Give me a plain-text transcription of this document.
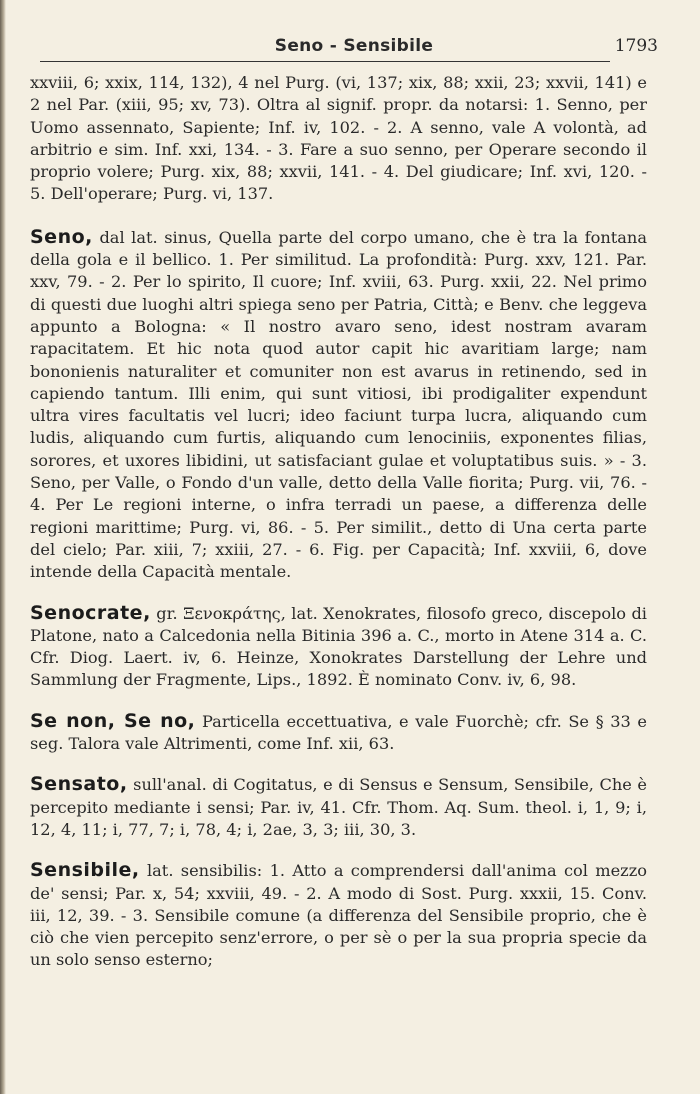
Seno - Sensibile	1793

xxviii, 6; xxix, 114, 132), 4 nel Purg. (vi, 137; xix, 88; xxii, 23; xxvii, 141) e 2 nel Par. (xiii, 95; xv, 73). Oltra al signif. propr. da notarsi: 1. Senno, per Uomo assennato, Sapiente; Inf. iv, 102. - 2. A senno, vale A volontà, ad arbitrio e sim. Inf. xxi, 134. - 3. Fare a suo senno, per Operare secondo il proprio volere; Purg. xix, 88; xxvii, 141. - 4. Del giudicare; Inf. xvi, 120. - 5. Dell'operare; Purg. vi, 137.

Seno, dal lat. sinus, Quella parte del corpo umano, che è tra la fontana della gola e il bellico. 1. Per similitud. La profondità: Purg. xxv, 121. Par. xxv, 79. - 2. Per lo spirito, Il cuore; Inf. xviii, 63. Purg. xxii, 22. Nel primo di questi due luoghi altri spiega seno per Patria, Città; e Benv. che leggeva appunto a Bologna: « Il nostro avaro seno, idest nostram avaram rapacitatem. Et hic nota quod autor capit hic avaritiam large; nam bononienis naturaliter et comuniter non est avarus in retinendo, sed in capiendo tantum. Illi enim, qui sunt vitiosi, ibi prodigaliter expendunt ultra vires facultatis vel lucri; ideo faciunt turpa lucra, aliquando cum ludis, aliquando cum furtis, aliquando cum lenociniis, exponentes filias, sorores, et uxores libidini, ut satisfaciant gulae et voluptatibus suis. » - 3. Seno, per Valle, o Fondo d'un valle, detto della Valle fiorita; Purg. vii, 76. - 4. Per Le regioni interne, o infra terradi un paese, a differenza delle regioni marittime; Purg. vi, 86. - 5. Per similit., detto di Una certa parte del cielo; Par. xiii, 7; xxiii, 27. - 6. Fig. per Capacità; Inf. xxviii, 6, dove intende della Capacità mentale.

Senocrate, gr. Ξενοκράτης, lat. Xenokrates, filosofo greco, discepolo di Platone, nato a Calcedonia nella Bitinia 396 a. C., morto in Atene 314 a. C. Cfr. Diog. Laert. iv, 6. Heinze, Xonokrates Darstellung der Lehre und Sammlung der Fragmente, Lips., 1892. È nominato Conv. iv, 6, 98.

Se non, Se no, Particella eccettuativa, e vale Fuorchè; cfr. Se § 33 e seg. Talora vale Altrimenti, come Inf. xii, 63.

Sensato, sull'anal. di Cogitatus, e di Sensus e Sensum, Sensibile, Che è percepito mediante i sensi; Par. iv, 41. Cfr. Thom. Aq. Sum. theol. i, 1, 9; i, 12, 4, 11; i, 77, 7; i, 78, 4; i, 2ae, 3, 3; iii, 30, 3.

Sensibile, lat. sensibilis: 1. Atto a comprendersi dall'anima col mezzo de' sensi; Par. x, 54; xxviii, 49. - 2. A modo di Sost. Purg. xxxii, 15. Conv. iii, 12, 39. - 3. Sensibile comune (a differenza del Sensibile proprio, che è ciò che vien percepito senz'errore, o per sè o per la sua propria specie da un solo senso esterno;
